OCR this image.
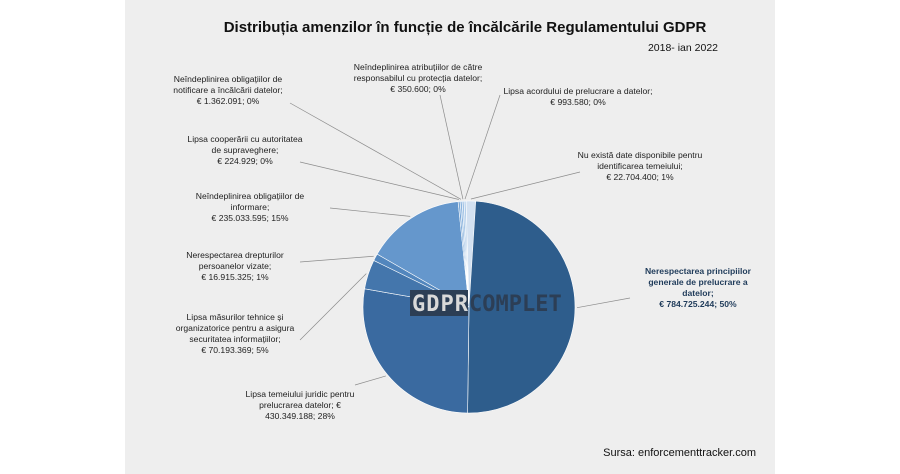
Distribuția amenzilor în funcție de încălcările Regulamentului GDPR
2018- ian 2022
Nerespectarea principiilor generale de prelucrare a datelor; € 784.725.244; 50%
Lipsa temeiului juridic pentru prelucrarea datelor; € 430.349.188; 28%
Lipsa măsurilor tehnice și organizatorice pentru a asigura securitatea informațiilor; € 70.193.369; 5%
Nerespectarea drepturilor persoanelor vizate; € 16.915.325; 1%
Neîndeplinirea obligațiilor de informare; € 235.033.595; 15%
Lipsa cooperării cu autoritatea de supraveghere; € 224.929; 0%
Neîndeplinirea obligațiilor de notificare a încălcării datelor; € 1.362.091; 0%
Neîndeplinirea atribuțiilor de către responsabilul cu protecția datelor; € 350.600; 0%	Lipsa acordului de prelucrare a datelor; € 993.580; 0%
Nu există date disponibile pentru identificarea temeiului; € 22.704.400; 1%
GDPR COMPLET
Sursa: enforcementtracker.com
